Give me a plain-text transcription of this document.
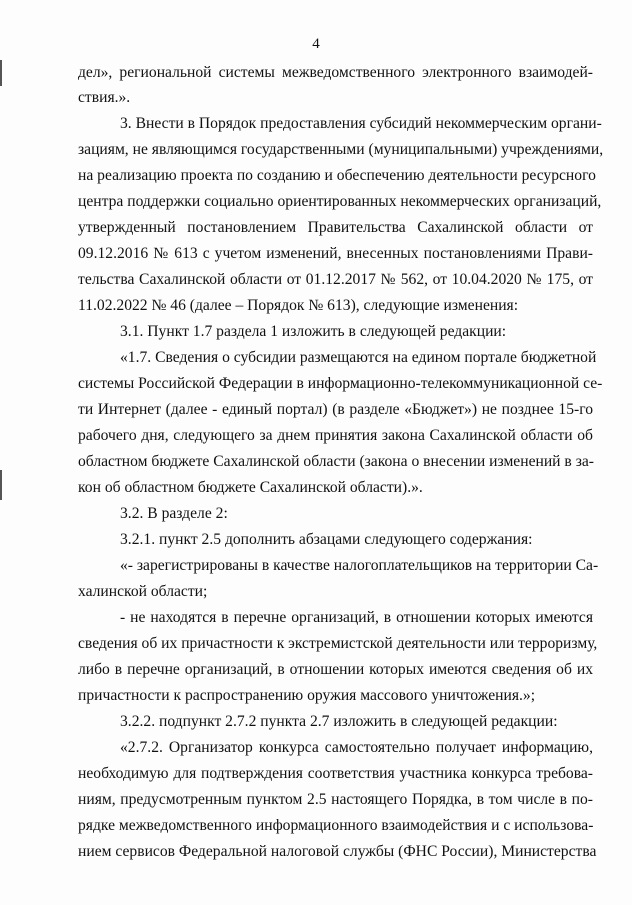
4
дел», региональной системы межведомственного электронного взаимодей-
ствия.».
3. Внести в Порядок предоставления субсидий некоммерческим органи-
зациям, не являющимся государственными (муниципальными) учреждениями,
на реализацию проекта по созданию и обеспечению деятельности ресурсного
центра поддержки социально ориентированных некоммерческих организаций,
утвержденный постановлением Правительства Сахалинской области от
09.12.2016 № 613 с учетом изменений, внесенных постановлениями Прави-
тельства Сахалинской области от 01.12.2017 № 562, от 10.04.2020 № 175, от
11.02.2022 № 46 (далее – Порядок № 613), следующие изменения:
3.1. Пункт 1.7 раздела 1 изложить в следующей редакции:
«1.7. Сведения о субсидии размещаются на едином портале бюджетной
системы Российской Федерации в информационно-телекоммуникационной се-
ти Интернет (далее - единый портал) (в разделе «Бюджет») не позднее 15-го
рабочего дня, следующего за днем принятия закона Сахалинской области об
областном бюджете Сахалинской области (закона о внесении изменений в за-
кон об областном бюджете Сахалинской области).».
3.2. В разделе 2:
3.2.1. пункт 2.5 дополнить абзацами следующего содержания:
«- зарегистрированы в качестве налогоплательщиков на территории Са-
халинской области;
- не находятся в перечне организаций, в отношении которых имеются
сведения об их причастности к экстремистской деятельности или терроризму,
либо в перечне организаций, в отношении которых имеются сведения об их
причастности к распространению оружия массового уничтожения.»;
3.2.2. подпункт 2.7.2 пункта 2.7 изложить в следующей редакции:
«2.7.2. Организатор конкурса самостоятельно получает информацию,
необходимую для подтверждения соответствия участника конкурса требова-
ниям, предусмотренным пунктом 2.5 настоящего Порядка, в том числе в по-
рядке межведомственного информационного взаимодействия и с использова-
нием сервисов Федеральной налоговой службы (ФНС России), Министерства
